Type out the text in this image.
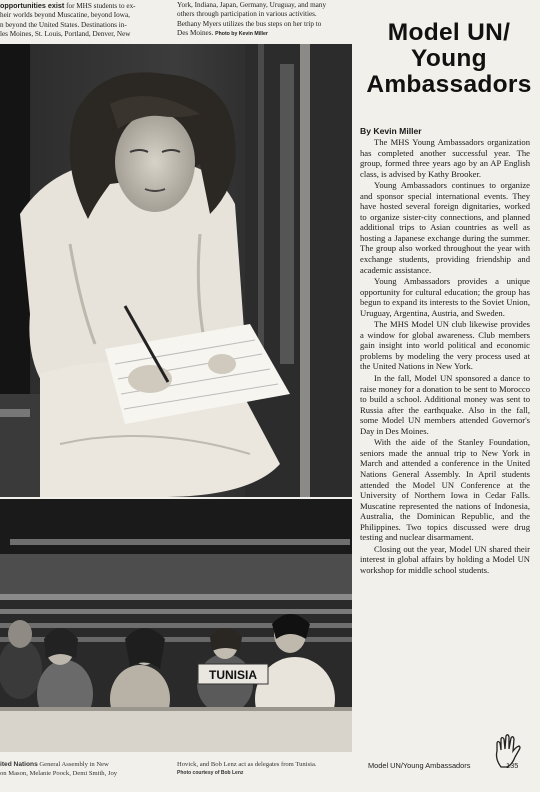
opportunities exist for MHS students to ex-
heir worlds beyond Muscatine, beyond Iowa,
n beyond the United States. Destinations in-
les Moines, St. Louis, Portland, Denver, New
York, Indiana, Japan, Germany, Uruguay, and many
others through participation in various activities.
Bethany Myers utilizes the bus steps on her trip to
Des Moines. Photo by Kevin Miller
TUNISIA
ited Nations General Assembly in New
on Mason, Melanie Poock, Demi Smith, Joy
Hovick, and Bob Lenz act as delegates from Tunisia.
Photo courtesy of Bob Lenz
Model UN/
Young
Ambassadors
By Kevin Miller

The MHS Young Ambassadors organization has completed another successful year. The group, formed three years ago by an AP English class, is advised by Kathy Brooker.

Young Ambassadors continues to organize and sponsor special international events. They have hosted several foreign dignitaries, worked to organize sister-city connections, and planned additional trips to Asian countries as well as hosting a Japanese exchange during the summer. The group also worked throughout the year with exchange students, providing friendship and academic assistance.

Young Ambassadors provides a unique opportunity for cultural education; the group has begun to expand its interests to the Soviet Union, Uruguay, Argentina, Austria, and Sweden.

The MHS Model UN club likewise provides a window for global awareness. Club members gain insight into world political and economic problems by modeling the very process used at the United Nations in New York.

In the fall, Model UN sponsored a dance to raise money for a donation to be sent to Morocco to build a school. Additional money was sent to Russia after the earthquake. Also in the fall, some Model UN members attended Governor's Day in Des Moines.

With the aide of the Stanley Foundation, seniors made the annual trip to New York in March and attended a conference in the United Nations General Assembly. In April students attended the Model UN Conference at the University of Northern Iowa in Cedar Falls. Muscatine represented the nations of Indonesia, Australia, the Dominican Republic, and the Philippines. Two topics discussed were drug testing and nuclear disarmament.

Closing out the year, Model UN shared their interest in global affairs by holding a Model UN workshop for middle school students.

Model UN/Young Ambassadors	135
